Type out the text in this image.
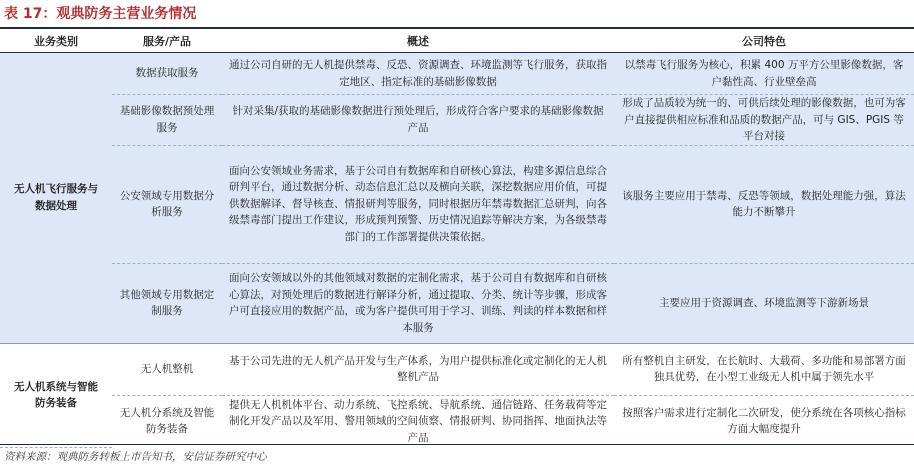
表 17：观典防务主营业务情况
业务类别	服务/产品	概述	公司特色
无人机飞行服务与数据处理	数据获取服务	通过公司自研的无人机提供禁毒、反恐、资源调查、环境监测等飞行服务，获取指定地区、指定标准的基础影像数据	以禁毒飞行服务为核心，积累 400 万平方公里影像数据，客户黏性高、行业壁垒高
	基础影像数据预处理服务	针对采集/获取的基础影像数据进行预处理后，形成符合客户要求的基础影像数据产品	形成了品质较为统一的、可供后续处理的影像数据，也可为客户直接提供相应标准和品质的数据产品，可与 GIS、PGIS 等平台对接
	公安领域专用数据分析服务	面向公安领域业务需求，基于公司自有数据库和自研核心算法，构建多源信息综合研判平台，通过数据分析、动态信息汇总以及横向关联，深挖数据应用价值，可提供数据解译、督导核查、情报研判等服务，同时根据历年禁毒数据汇总研判，向各级禁毒部门提出工作建议，形成预判预警、历史情况追踪等解决方案，为各级禁毒部门的工作部署提供决策依据。	该服务主要应用于禁毒、反恐等领域，数据处理能力强，算法能力不断攀升
	其他领域专用数据定制服务	面向公安领域以外的其他领域对数据的定制化需求，基于公司自有数据库和自研核心算法，对预处理后的数据进行解译分析，通过提取、分类、统计等步骤，形成客户可直接应用的数据产品，或为客户提供可用于学习、训练、判读的样本数据和样本服务	主要应用于资源调查、环境监测等下游新场景
无人机系统与智能防务装备	无人机整机	基于公司先进的无人机产品开发与生产体系，为用户提供标准化或定制化的无人机整机产品	所有整机自主研发，在长航时、大载荷、多功能和易部署方面独具优势，在小型工业级无人机中属于领先水平
	无人机分系统及智能防务装备	提供无人机机体平台、动力系统、飞控系统、导航系统、通信链路、任务载荷等定制化开发产品以及军用、警用领域的空间侦察、情报研判、协同指挥、地面执法等产品	按照客户需求进行定制化二次研发，使分系统在各项核心指标方面大幅度提升
资料来源：观典防务转板上市告知书，安信证券研究中心
